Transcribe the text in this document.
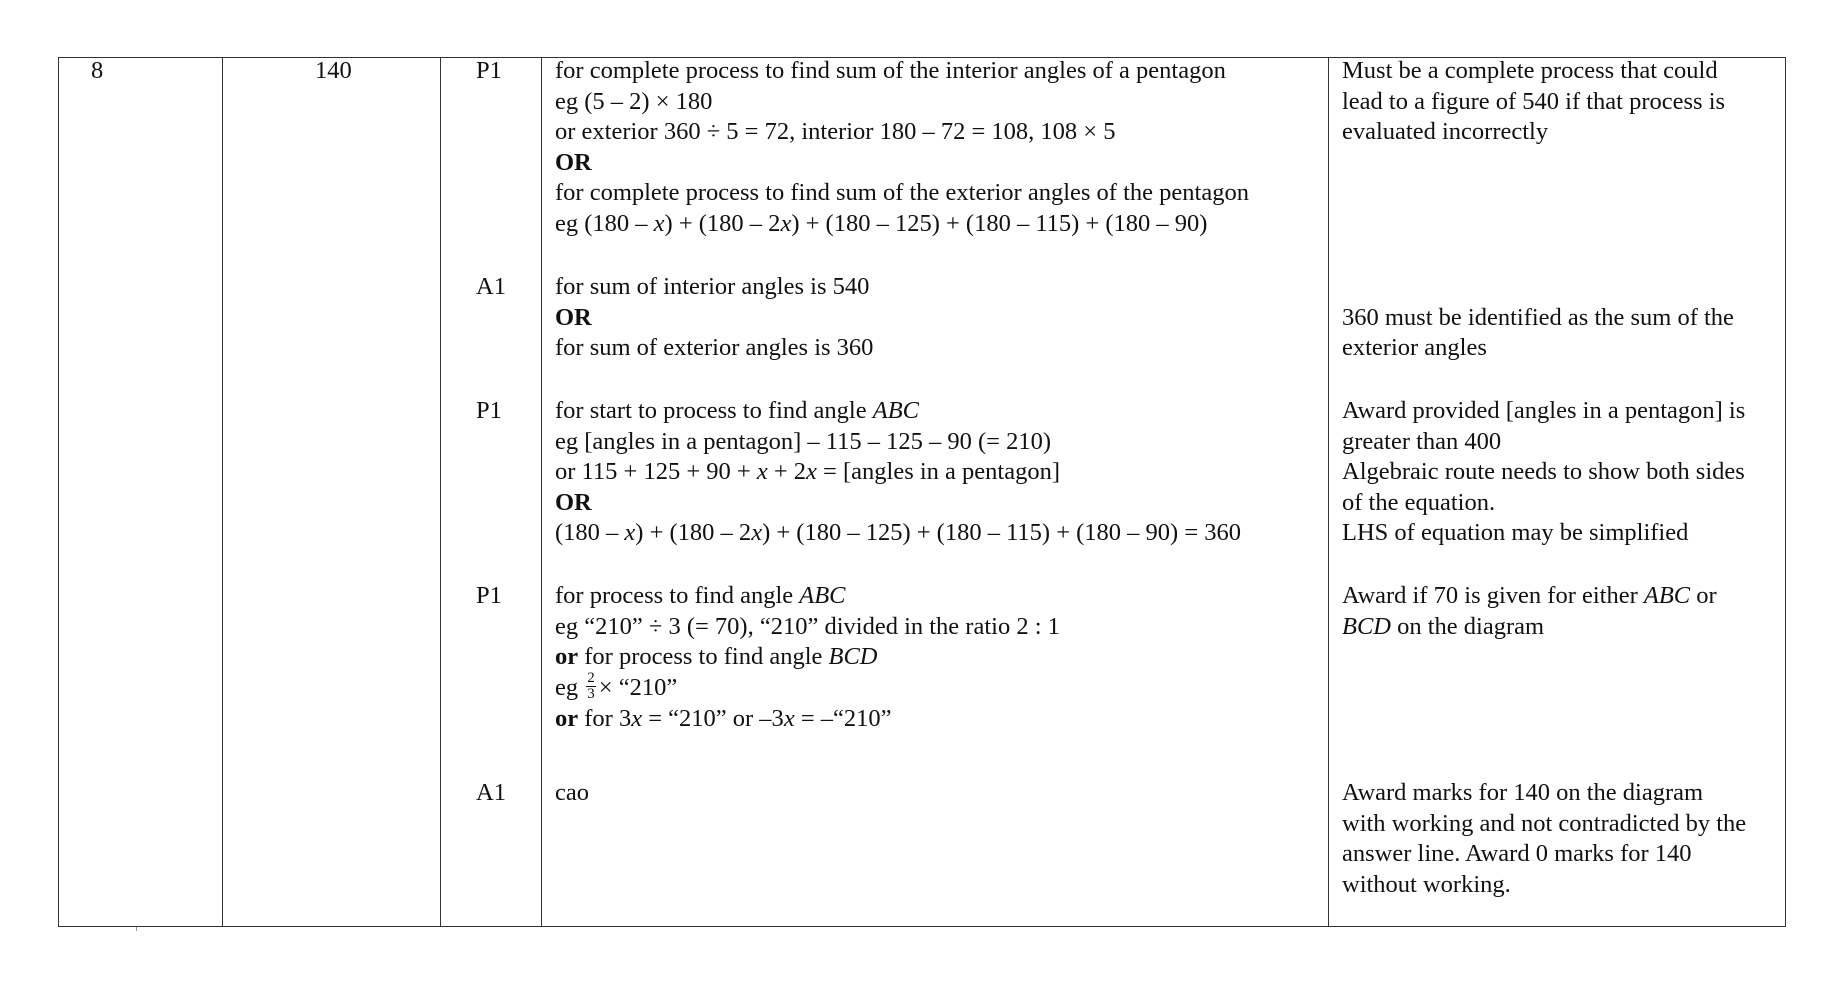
8	140	P1
A1
P1
P1
A1
for complete process to find sum of the interior angles of a pentagon
eg (5 – 2) × 180
or exterior 360 ÷ 5 = 72, interior 180 – 72 = 108, 108 × 5
OR
for complete process to find sum of the exterior angles of the pentagon
eg (180 – x) + (180 – 2x) + (180 – 125) + (180 – 115) + (180 – 90)
for sum of interior angles is 540
OR
for sum of exterior angles is 360
for start to process to find angle ABC
eg [angles in a pentagon] – 115 – 125 – 90 (= 210)
or 115 + 125 + 90 + x + 2x = [angles in a pentagon]
OR
(180 – x) + (180 – 2x) + (180 – 125) + (180 – 115) + (180 – 90) = 360
for process to find angle ABC
eg “210” ÷ 3 (= 70), “210” divided in the ratio 2 : 1
or for process to find angle BCD
eg $\frac{2}{3}$ × “210”
or for 3x = “210” or –3x = –“210”
cao
Must be a complete process that could
lead to a figure of 540 if that process is
evaluated incorrectly
360 must be identified as the sum of the
exterior angles
Award provided [angles in a pentagon] is
greater than 400
Algebraic route needs to show both sides
of the equation.
LHS of equation may be simplified
Award if 70 is given for either ABC or
BCD on the diagram
Award marks for 140 on the diagram
with working and not contradicted by the
answer line. Award 0 marks for 140
without working.
